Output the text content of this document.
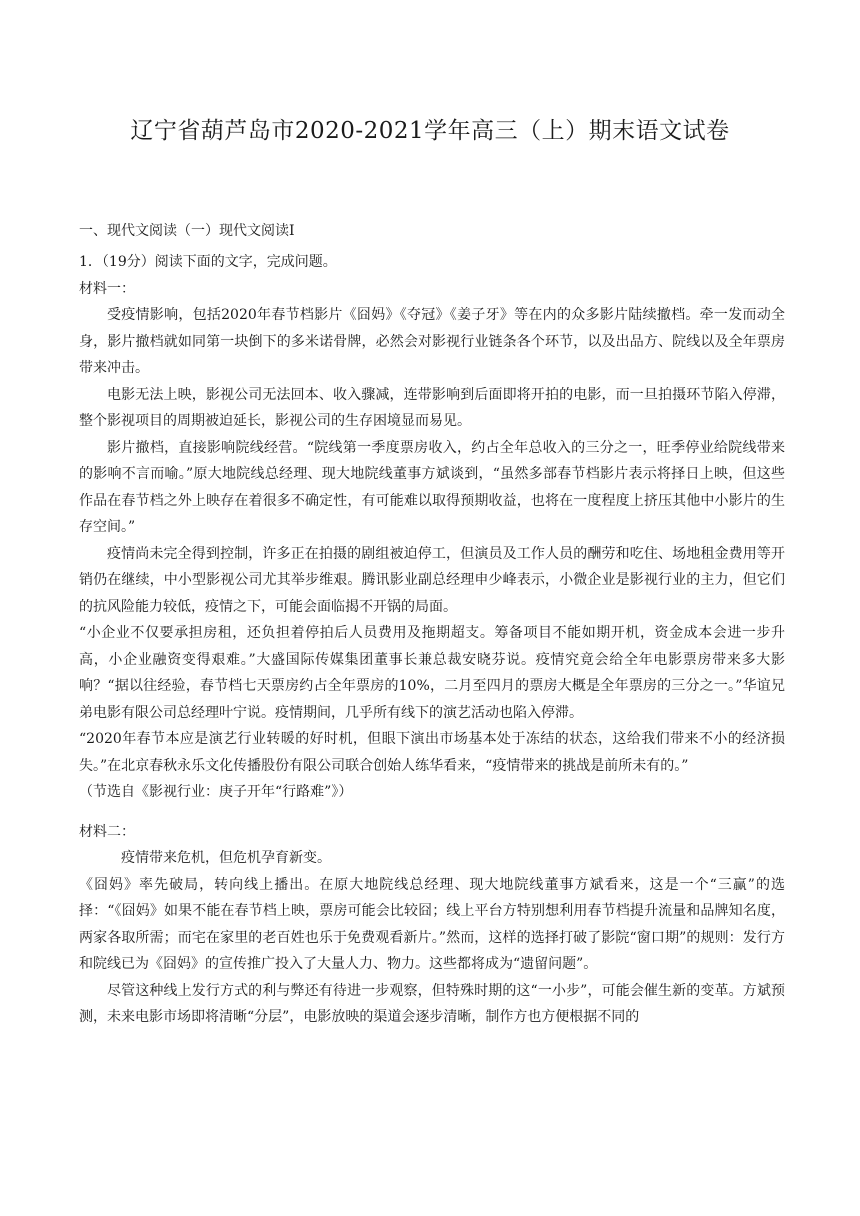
辽宁省葫芦岛市2020-2021学年高三（上）期末语文试卷
一、现代文阅读（一）现代文阅读Ⅰ

1．（19分）阅读下面的文字，完成问题。

材料一：

受疫情影响，包括2020年春节档影片《囧妈》《夺冠》《姜子牙》等在内的众多影片陆续撤档。牵一发而动全身，影片撤档就如同第一块倒下的多米诺骨牌，必然会对影视行业链条各个环节，以及出品方、院线以及全年票房带来冲击。

电影无法上映，影视公司无法回本、收入骤减，连带影响到后面即将开拍的电影，而一旦拍摄环节陷入停滞，整个影视项目的周期被迫延长，影视公司的生存困境显而易见。

影片撤档，直接影响院线经营。“院线第一季度票房收入，约占全年总收入的三分之一，旺季停业给院线带来的影响不言而喻。”原大地院线总经理、现大地院线董事方斌谈到，“虽然多部春节档影片表示将择日上映，但这些作品在春节档之外上映存在着很多不确定性，有可能难以取得预期收益，也将在一度程度上挤压其他中小影片的生存空间。”

疫情尚未完全得到控制，许多正在拍摄的剧组被迫停工，但演员及工作人员的酬劳和吃住、场地租金费用等开销仍在继续，中小型影视公司尤其举步维艰。腾讯影业副总经理申少峰表示，小微企业是影视行业的主力，但它们的抗风险能力较低，疫情之下，可能会面临揭不开锅的局面。

“小企业不仅要承担房租，还负担着停拍后人员费用及拖期超支。筹备项目不能如期开机，资金成本会进一步升高，小企业融资变得艰难。”大盛国际传媒集团董事长兼总裁安晓芬说。疫情究竟会给全年电影票房带来多大影响？“据以往经验，春节档七天票房约占全年票房的10%，二月至四月的票房大概是全年票房的三分之一。”华谊兄弟电影有限公司总经理叶宁说。疫情期间，几乎所有线下的演艺活动也陷入停滞。

“2020年春节本应是演艺行业转暖的好时机，但眼下演出市场基本处于冻结的状态，这给我们带来不小的经济损失。”在北京春秋永乐文化传播股份有限公司联合创始人练华看来，“疫情带来的挑战是前所未有的。”

（节选自《影视行业：庚子开年“行路难”》）

材料二：

疫情带来危机，但危机孕育新变。

《囧妈》率先破局，转向线上播出。在原大地院线总经理、现大地院线董事方斌看来，这是一个“三赢”的选择：“《囧妈》如果不能在春节档上映，票房可能会比较囧；线上平台方特别想利用春节档提升流量和品牌知名度，两家各取所需；而宅在家里的老百姓也乐于免费观看新片。”然而，这样的选择打破了影院“窗口期”的规则：发行方和院线已为《囧妈》的宣传推广投入了大量人力、物力。这些都将成为“遗留问题”。

尽管这种线上发行方式的利与弊还有待进一步观察，但特殊时期的这“一小步”，可能会催生新的变革。方斌预测，未来电影市场即将清晰“分层”，电影放映的渠道会逐步清晰，制作方也方便根据不同的
